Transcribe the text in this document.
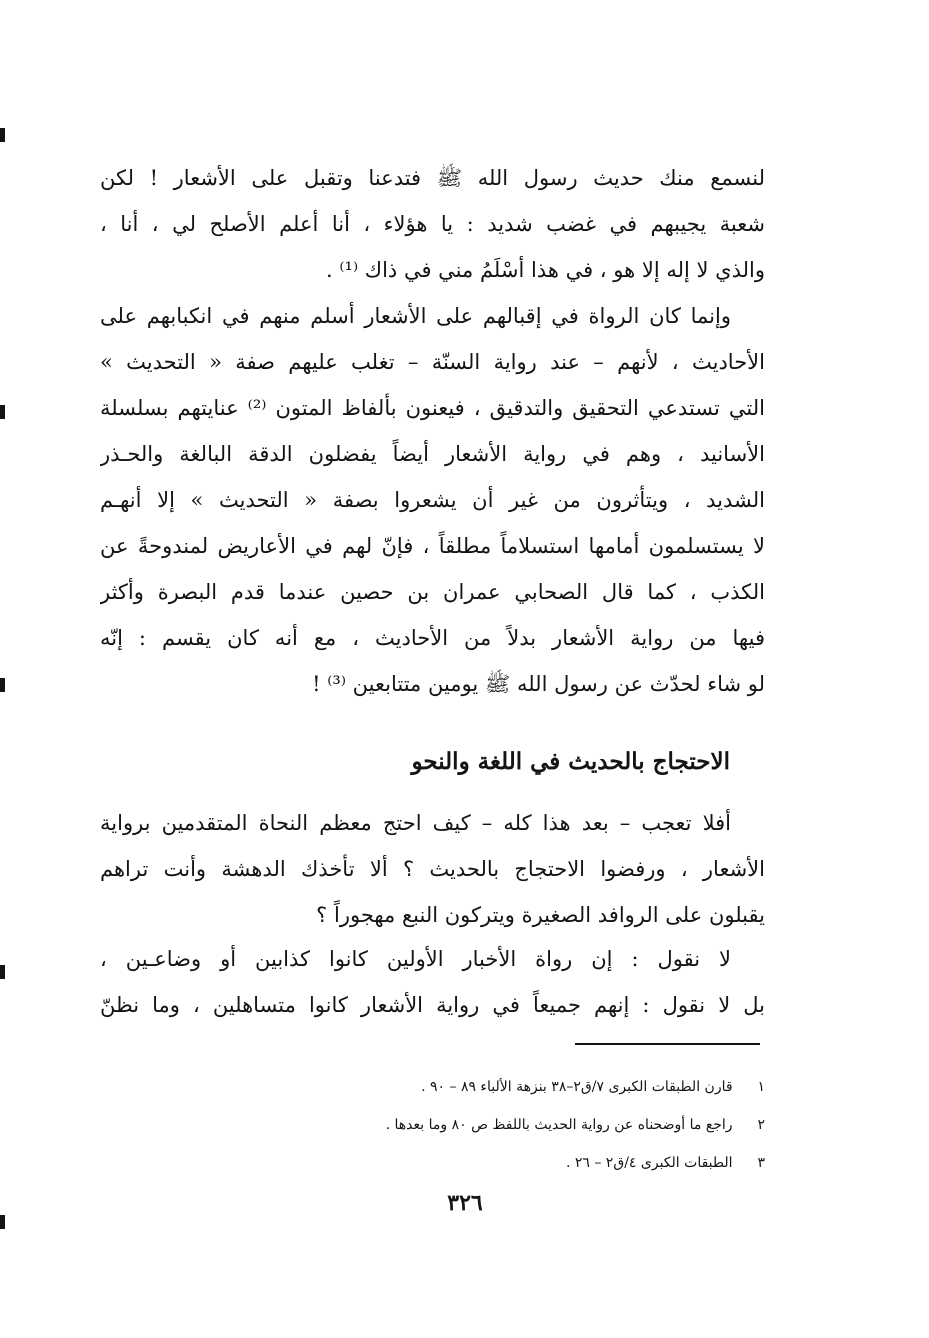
لنسمع منك حديث رسول الله ﷺ فتدعنا وتقبل على الأشعار ! لكن
شعبة يجيبهم في غضب شديد : يا هؤلاء ، أنا أعلم الأصلح لي ، أنا ،
والذي لا إله إلا هو ، في هذا أسْلَمُ مني في ذاك ⁽¹⁾ .
وإنما كان الرواة في إقبالهم على الأشعار أسلم منهم في انكبابهم على
الأحاديث ، لأنهم – عند رواية السنّة – تغلب عليهم صفة « التحديث »
التي تستدعي التحقيق والتدقيق ، فيعنون بألفاظ المتون ⁽²⁾ عنايتهم بسلسلة
الأسانيد ، وهم في رواية الأشعار أيضاً يفضلون الدقة البالغة والحـذر
الشديد ، ويتأثرون من غير أن يشعروا بصفة « التحديث » إلا أنهـم
لا يستسلمون أمامها استسلاماً مطلقاً ، فإنّ لهم في الأعاريض لمندوحةً عن
الكذب ، كما قال الصحابي عمران بن حصين عندما قدم البصرة وأكثر
فيها من رواية الأشعار بدلاً من الأحاديث ، مع أنه كان يقسم : إنّه
لو شاء لحدّث عن رسول الله ﷺ يومين متتابعين ⁽³⁾ !
الاحتجاج بالحديث في اللغة والنحو
أفلا تعجب – بعد هذا كله – كيف احتج معظم النحاة المتقدمين برواية
الأشعار ، ورفضوا الاحتجاج بالحديث ؟ ألا تأخذك الدهشة وأنت تراهم
يقبلون على الروافد الصغيرة ويتركون النبع مهجوراً ؟
لا نقول : إن رواة الأخبار الأولين كانوا كذابين أو وضاعـين ،
بل لا نقول : إنهم جميعاً في رواية الأشعار كانوا متساهلين ، وما نظنّ
١ قارن الطبقات الكبرى ٧/ق٢–٣٨ بنزهة الألباء ٨٩ – ٩٠ .
٢ راجع ما أوضحناه عن رواية الحديث باللفظ ص ٨٠ وما بعدها .
٣ الطبقات الكبرى ٤/ق٢ – ٢٦ .
٣٢٦
